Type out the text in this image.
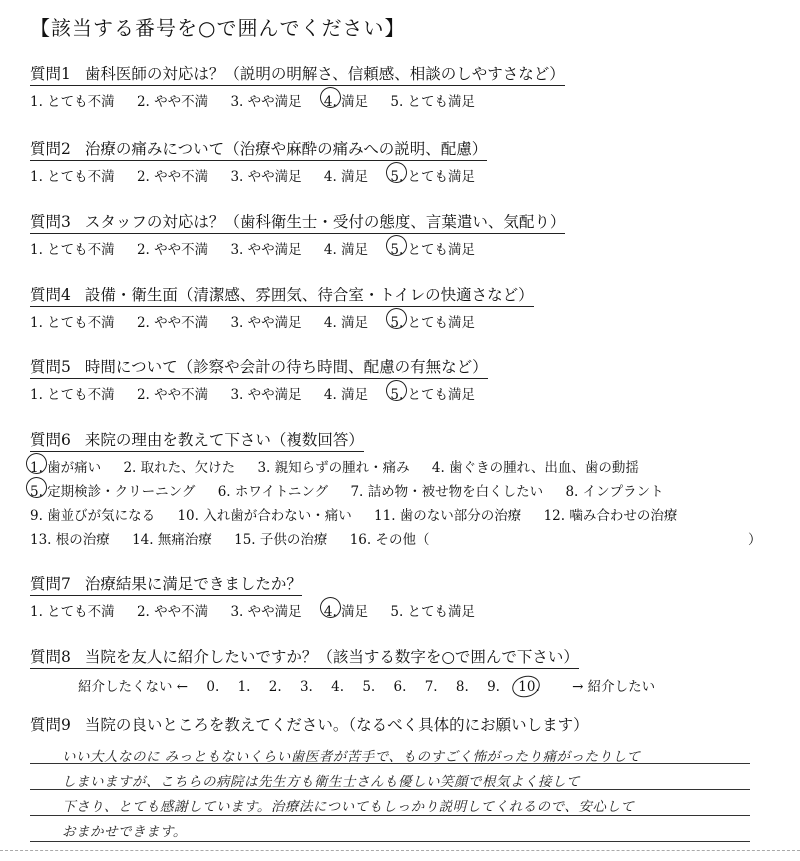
【該当する番号を○で囲んでください】
質問1 歯科医師の対応は？（説明の明解さ、信頼感、相談のしやすさなど）
1. とても不満 2. やや不満 3. やや満足 4. 満足 5. とても満足
質問2 治療の痛みについて（治療や麻酔の痛みへの説明、配慮）
1. とても不満 2. やや不満 3. やや満足 4. 満足 5. とても満足
質問3 スタッフの対応は？（歯科衛生士・受付の態度、言葉遣い、気配り）
1. とても不満 2. やや不満 3. やや満足 4. 満足 5. とても満足
質問4 設備・衛生面（清潔感、雰囲気、待合室・トイレの快適さなど）
1. とても不満 2. やや不満 3. やや満足 4. 満足 5. とても満足
質問5 時間について（診察や会計の待ち時間、配慮の有無など）
1. とても不満 2. やや不満 3. やや満足 4. 満足 5. とても満足
質問6 来院の理由を教えて下さい（複数回答）
1. 歯が痛い 2. 取れた、欠けた 3. 親知らずの腫れ・痛み 4. 歯ぐきの腫れ、出血、歯の動揺
5. 定期検診・クリーニング 6. ホワイトニング 7. 詰め物・被せ物を白くしたい 8. インプラント
9. 歯並びが気になる 10. 入れ歯が合わない・痛い 11. 歯のない部分の治療 12. 噛み合わせの治療
13. 根の治療 14. 無痛治療 15. 子供の治療 16. その他（	）
質問7 治療結果に満足できましたか？
1. とても不満 2. やや不満 3. やや満足 4. 満足 5. とても満足
質問8 当院を友人に紹介したいですか？（該当する数字を○で囲んで下さい）
紹介したくない ← 0. 1. 2. 3. 4. 5. 6. 7. 8. 9. 10. → 紹介したい
質問9 当院の良いところを教えてください。（なるべく具体的にお願いします）
いい大人なのに みっともないくらい歯医者が苦手で、ものすごく怖がったり痛がったりして
しまいますが、こちらの病院は先生方も衛生士さんも優しい笑顔で根気よく接して
下さり、とても感謝しています。治療法についてもしっかり説明してくれるので、安心して
おまかせできます。
